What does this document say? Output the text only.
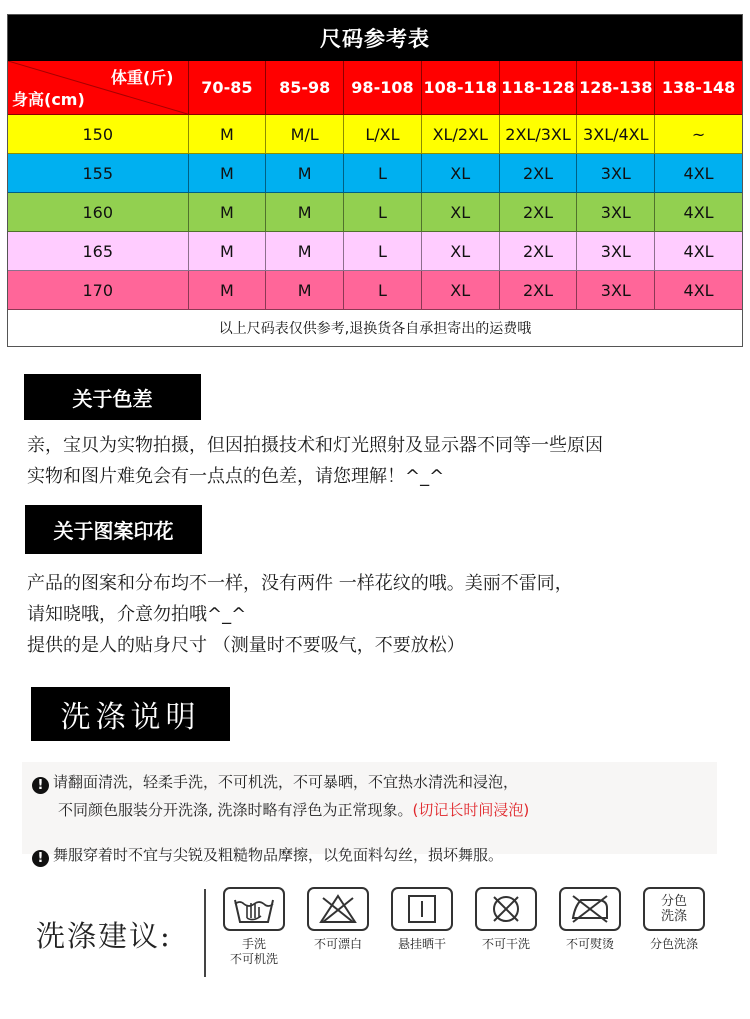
尺码参考表
体重(斤)
身高(cm)
70-85	85-98	98-108 108-118 118-128 128-138 138-148
150	M	M/L	L/XL	XL/2XL	2XL/3XL 3XL/4XL	~
155	M	M	L	XL	2XL	3XL	4XL
160	M	M	L	XL	2XL	3XL	4XL
165	M	M	L	XL	2XL	3XL	4XL
170	M	M	L	XL	2XL	3XL	4XL
以上尺码表仅供参考,退换货各自承担寄出的运费哦
关于色差
亲，宝贝为实物拍摄，但因拍摄技术和灯光照射及显示器不同等一些原因
实物和图片难免会有一点点的色差，请您理解！^_^
关于图案印花
产品的图案和分布均不一样，没有两件 一样花纹的哦。美丽不雷同，
请知晓哦，介意勿拍哦^_^
提供的是人的贴身尺寸 （测量时不要吸气，不要放松）
洗涤说明
! 请翻面清洗，轻柔手洗，不可机洗，不可暴晒，不宜热水清洗和浸泡，
不同颜色服装分开洗涤, 洗涤时略有浮色为正常现象。(切记长时间浸泡)
! 舞服穿着时不宜与尖锐及粗糙物品摩擦，以免面料勾丝，损坏舞服。
洗涤建议:	手洗
不可机洗
不可漂白	悬挂晒干	不可干洗	不可熨烫
分色
洗涤
分色洗涤
